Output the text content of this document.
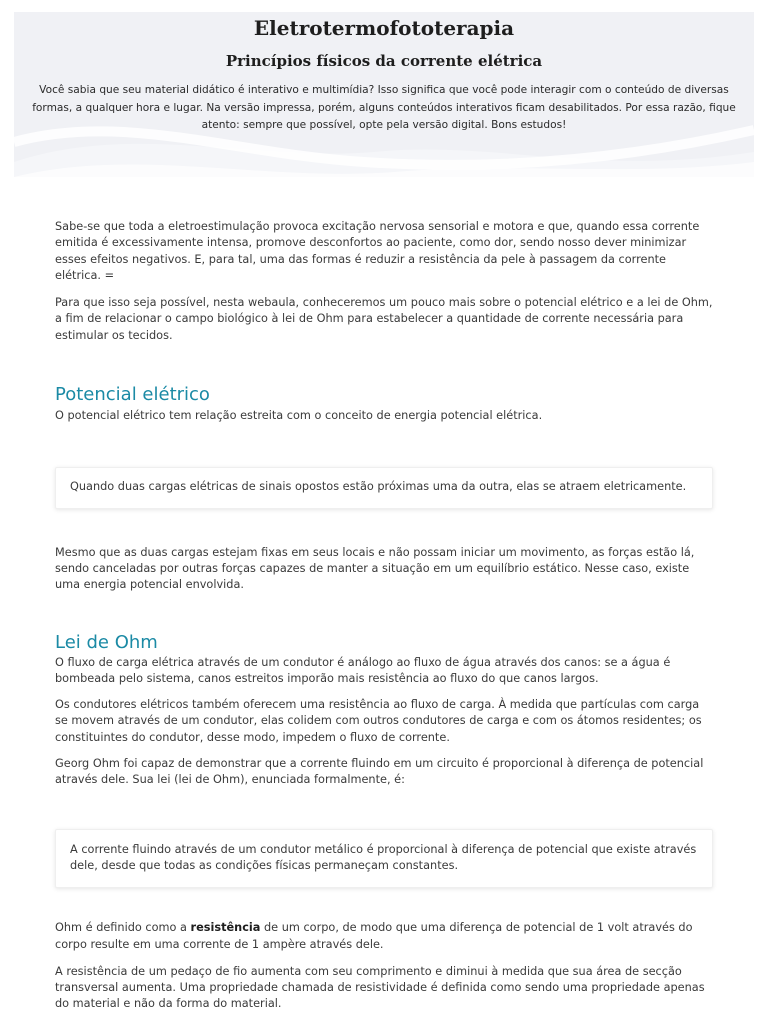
Eletrotermofototerapia
Princípios físicos da corrente elétrica

Você sabia que seu material didático é interativo e multimídia? Isso significa que você pode interagir com o conteúdo de diversas formas, a qualquer hora e lugar. Na versão impressa, porém, alguns conteúdos interativos ficam desabilitados. Por essa razão, fique atento: sempre que possível, opte pela versão digital. Bons estudos!

Sabe-se que toda a eletroestimulação provoca excitação nervosa sensorial e motora e que, quando essa corrente emitida é excessivamente intensa, promove desconfortos ao paciente, como dor, sendo nosso dever minimizar esses efeitos negativos. E, para tal, uma das formas é reduzir a resistência da pele à passagem da corrente elétrica. =

Para que isso seja possível, nesta webaula, conheceremos um pouco mais sobre o potencial elétrico e a lei de Ohm, a fim de relacionar o campo biológico à lei de Ohm para estabelecer a quantidade de corrente necessária para estimular os tecidos.

Potencial elétrico

O potencial elétrico tem relação estreita com o conceito de energia potencial elétrica.

Quando duas cargas elétricas de sinais opostos estão próximas uma da outra, elas se atraem eletricamente.

Mesmo que as duas cargas estejam fixas em seus locais e não possam iniciar um movimento, as forças estão lá, sendo canceladas por outras forças capazes de manter a situação em um equilíbrio estático. Nesse caso, existe uma energia potencial envolvida.

Lei de Ohm

O fluxo de carga elétrica através de um condutor é análogo ao fluxo de água através dos canos: se a água é bombeada pelo sistema, canos estreitos imporão mais resistência ao fluxo do que canos largos.

Os condutores elétricos também oferecem uma resistência ao fluxo de carga. À medida que partículas com carga se movem através de um condutor, elas colidem com outros condutores de carga e com os átomos residentes; os constituintes do condutor, desse modo, impedem o fluxo de corrente.

Georg Ohm foi capaz de demonstrar que a corrente fluindo em um circuito é proporcional à diferença de potencial através dele. Sua lei (lei de Ohm), enunciada formalmente, é:

A corrente fluindo através de um condutor metálico é proporcional à diferença de potencial que existe através dele, desde que todas as condições físicas permaneçam constantes.

Ohm é definido como a resistência de um corpo, de modo que uma diferença de potencial de 1 volt através do corpo resulte em uma corrente de 1 ampère através dele.

A resistência de um pedaço de fio aumenta com seu comprimento e diminui à medida que sua área de secção transversal aumenta. Uma propriedade chamada de resistividade é definida como sendo uma propriedade apenas do material e não da forma do material.
